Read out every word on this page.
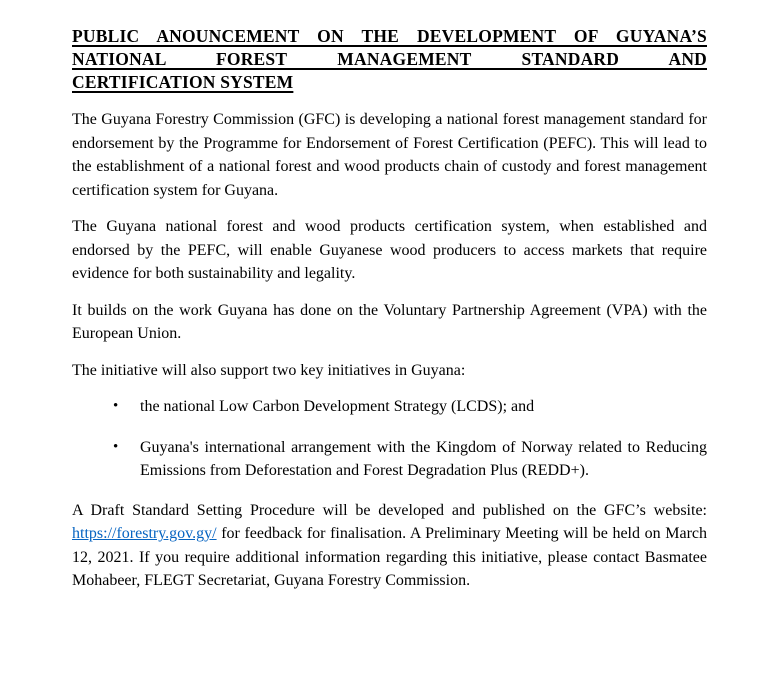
PUBLIC ANOUNCEMENT ON THE DEVELOPMENT OF GUYANA’S
NATIONAL FOREST MANAGEMENT STANDARD AND
CERTIFICATION SYSTEM

The Guyana Forestry Commission (GFC) is developing a national forest management standard for endorsement by the Programme for Endorsement of Forest Certification (PEFC). This will lead to the establishment of a national forest and wood products chain of custody and forest management certification system for Guyana.

The Guyana national forest and wood products certification system, when established and endorsed by the PEFC, will enable Guyanese wood producers to access markets that require evidence for both sustainability and legality.

It builds on the work Guyana has done on the Voluntary Partnership Agreement (VPA) with the European Union.

The initiative will also support two key initiatives in Guyana:

• the national Low Carbon Development Strategy (LCDS); and
• Guyana's international arrangement with the Kingdom of Norway related to Reducing Emissions from Deforestation and Forest Degradation Plus (REDD+).

A Draft Standard Setting Procedure will be developed and published on the GFC’s website: https://forestry.gov.gy/ for feedback for finalisation. A Preliminary Meeting will be held on March 12, 2021. If you require additional information regarding this initiative, please contact Basmatee Mohabeer, FLEGT Secretariat, Guyana Forestry Commission.
